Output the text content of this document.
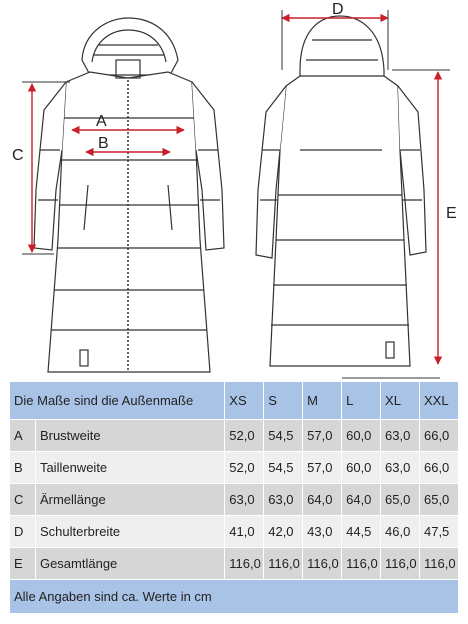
A
B
C
D
E
Die Maße sind die Außenmaße		XS	S	M	L	XL	XXL
A	Brustweite	52,0	54,5	57,0	60,0	63,0	66,0
B	Taillenweite	52,0	54,5	57,0	60,0	63,0	66,0
C	Ärmellänge	63,0	63,0	64,0	64,0	65,0	65,0
D	Schulterbreite	41,0	42,0	43,0	44,5	46,0	47,5
E	Gesamtlänge	116,0	116,0	116,0	116,0	116,0	116,0
Alle Angaben sind ca. Werte in cm							
